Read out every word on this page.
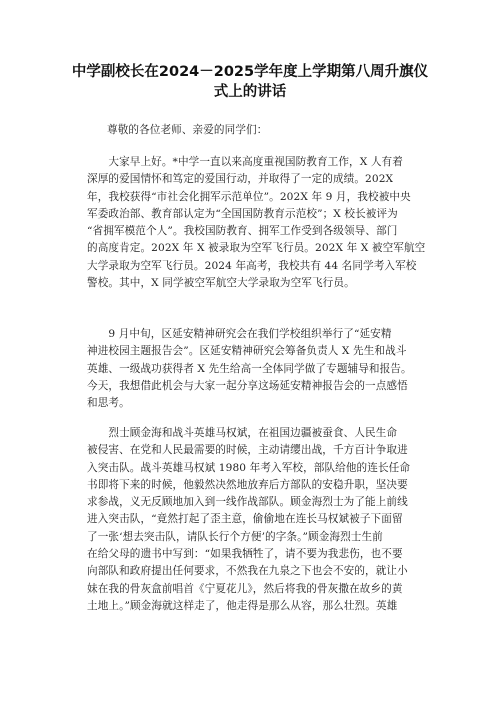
中学副校长在2024－2025学年度上学期第八周升旗仪
式上的讲话
尊敬的各位老师、亲爱的同学们：
　　大家早上好。*中学一直以来高度重视国防教育工作，X 人有着
深厚的爱国情怀和笃定的爱国行动，并取得了一定的成绩。202X
年，我校获得“市社会化拥军示范单位”。202X 年 9 月，我校被中央
军委政治部、教育部认定为“全国国防教育示范校”；X 校长被评为
“省拥军模范个人”。我校国防教育、拥军工作受到各级领导、部门
的高度肯定。202X 年 X 被录取为空军飞行员。202X 年 X 被空军航空
大学录取为空军飞行员。2024 年高考，我校共有 44 名同学考入军校
警校。其中，X 同学被空军航空大学录取为空军飞行员。
　　9 月中旬，区延安精神研究会在我们学校组织举行了“延安精
神进校园主题报告会”。区延安精神研究会筹备负责人 X 先生和战斗
英雄、一级战功获得者 X 先生给高一全体同学做了专题辅导和报告。
今天，我想借此机会与大家一起分享这场延安精神报告会的一点感悟
和思考。
　　烈士顾金海和战斗英雄马权斌，在祖国边疆被蚕食、人民生命
被侵害、在党和人民最需要的时候，主动请缨出战，千方百计争取进
入突击队。战斗英雄马权斌 1980 年考入军校，部队给他的连长任命
书即将下来的时候，他毅然决然地放弃后方部队的安稳升职，坚决要
求参战，义无反顾地加入到一线作战部队。顾金海烈士为了能上前线
进入突击队，“竟然打起了歪主意，偷偷地在连长马权斌被子下面留
了一张‘想去突击队，请队长行个方便’的字条。”顾金海烈士生前
在给父母的遗书中写到：“如果我牺牲了，请不要为我悲伤，也不要
向部队和政府提出任何要求，不然我在九泉之下也会不安的，就让小
妹在我的骨灰盒前唱首《宁夏花儿》，然后将我的骨灰撒在故乡的黄
土地上。”顾金海就这样走了，他走得是那么从容，那么壮烈。英雄
